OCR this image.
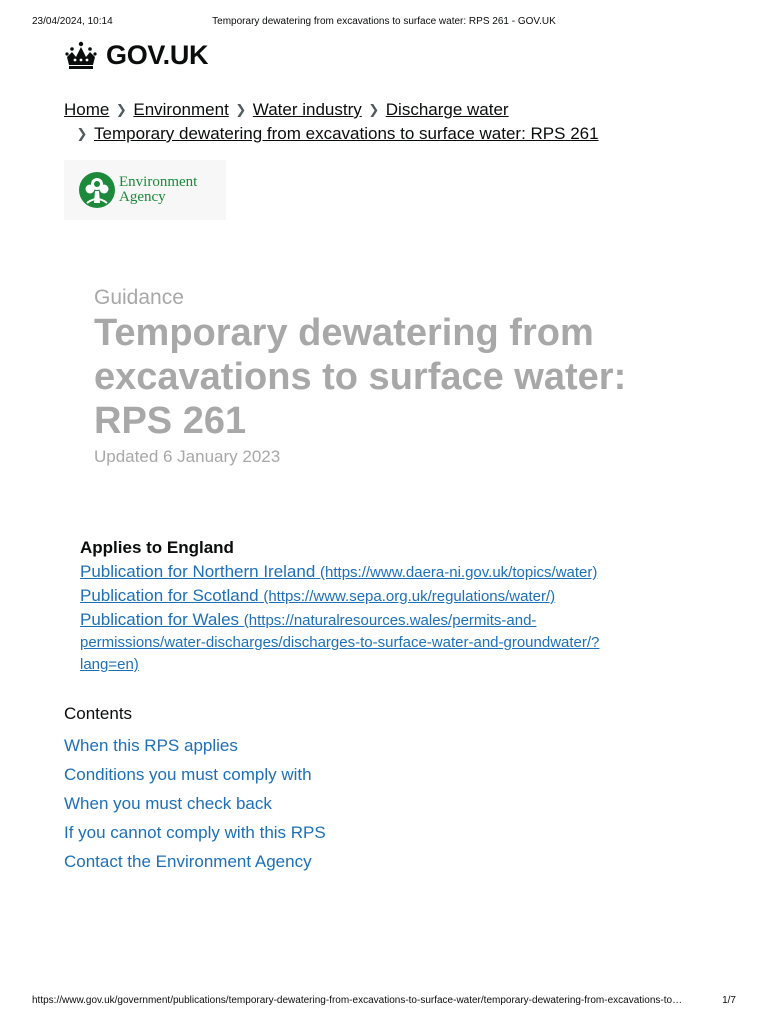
23/04/2024, 10:14	Temporary dewatering from excavations to surface water: RPS 261 - GOV.UK
GOV.UK
Home ❯ Environment ❯ Water industry ❯ Discharge water
❯ Temporary dewatering from excavations to surface water: RPS 261
Environment
Agency
Guidance
Temporary dewatering from excavations to surface water: RPS 261
Updated 6 January 2023
Applies to England
Publication for Northern Ireland (https://www.daera-ni.gov.uk/topics/water)
Publication for Scotland (https://www.sepa.org.uk/regulations/water/)
Publication for Wales (https://naturalresources.wales/permits-and-permissions/water-discharges/discharges-to-surface-water-and-groundwater/?lang=en)
Contents
When this RPS applies
Conditions you must comply with
When you must check back
If you cannot comply with this RPS
Contact the Environment Agency
https://www.gov.uk/government/publications/temporary-dewatering-from-excavations-to-surface-water/temporary-dewatering-from-excavations-to…	1/7
